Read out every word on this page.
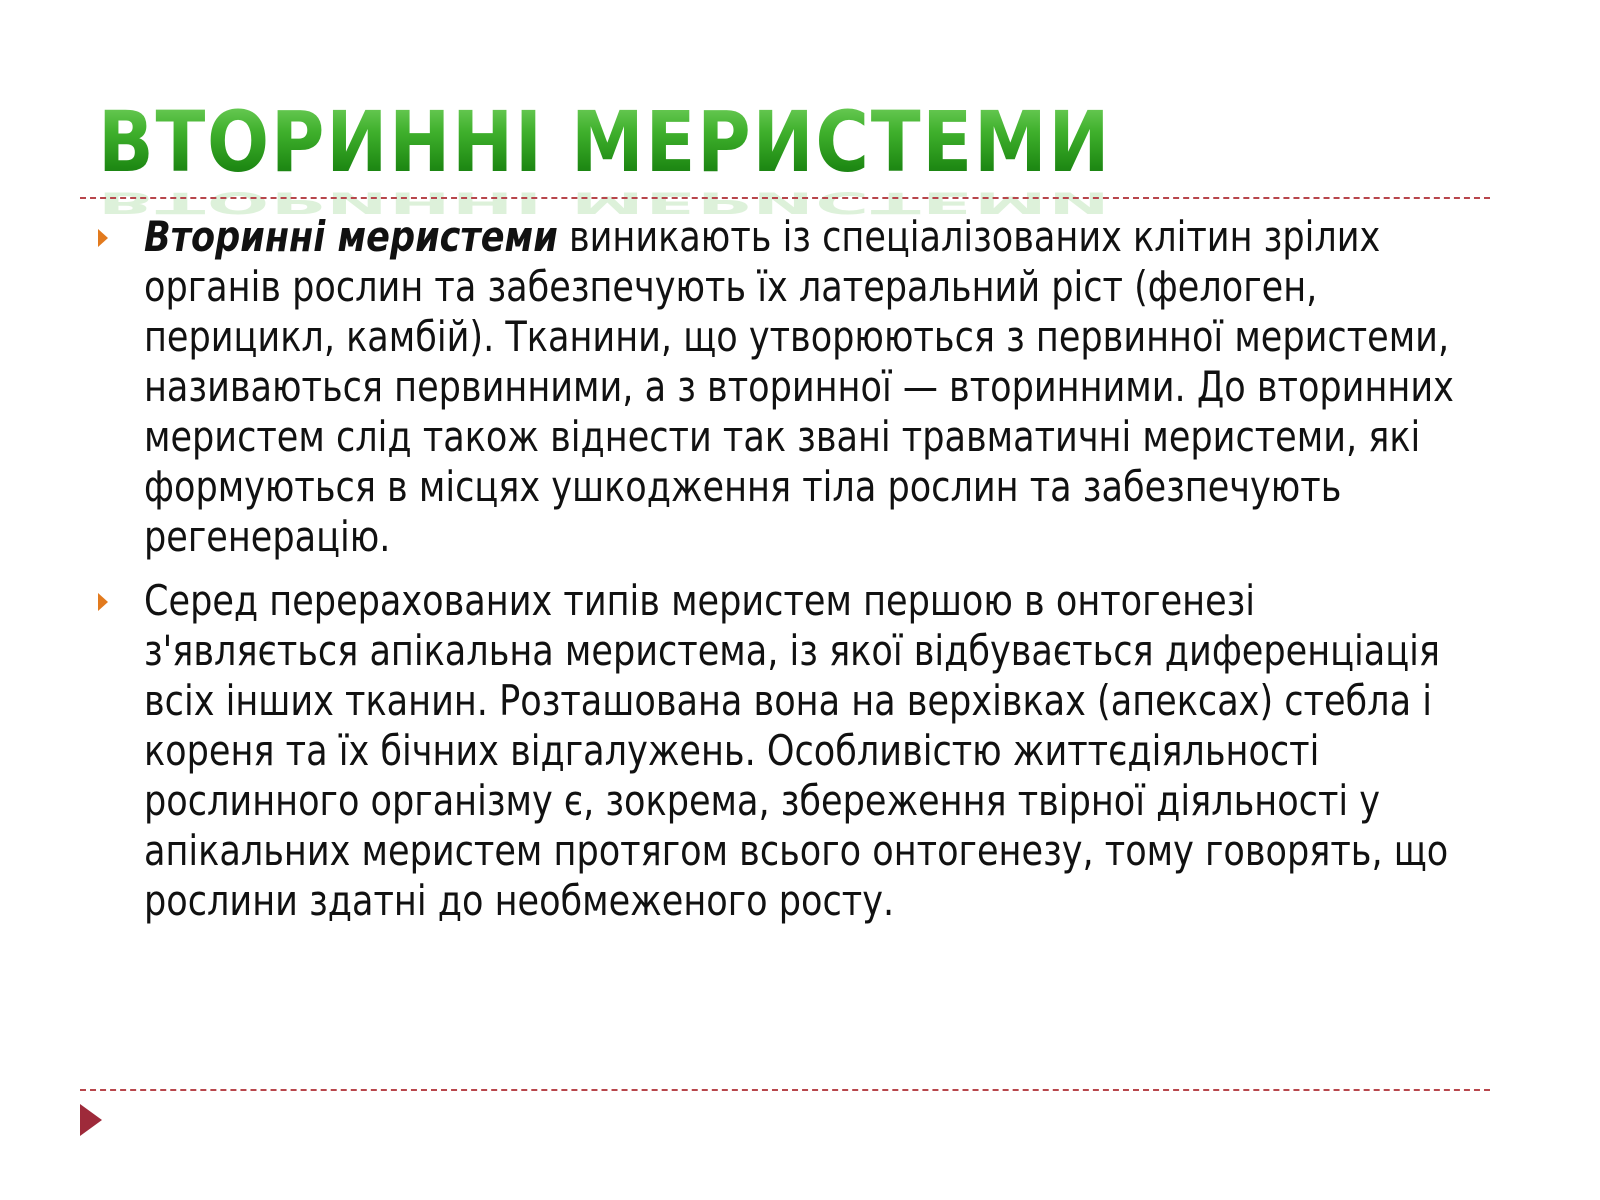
ВТОРИННІ МЕРИСТЕМИ
ВТОРИННІ МЕРИСТЕМИ
Вторинні меристеми виникають із спеціалізованих клітин зрілих органів рослин та забезпечують їх латеральний ріст (фелоген, перицикл, камбій). Тканини, що утворюються з первинної меристеми, називаються первинними, а з вторинної — вторинними. До вторинних меристем слід також віднести так звані травматичні меристеми, які формуються в місцях ушкодження тіла рослин та забезпечують регенерацію.
Серед перерахованих типів меристем першою в онтогенезі з'являється апікальна меристема, із якої відбувається диференціація всіх інших тканин. Розташована вона на верхівках (апексах) стебла і кореня та їх бічних відгалужень. Особливістю життєдіяльності рослинного організму є, зокрема, збереження твірної діяльності у апікальних меристем протягом всього онтогенезу, тому говорять, що рослини здатні до необмеженого росту.
